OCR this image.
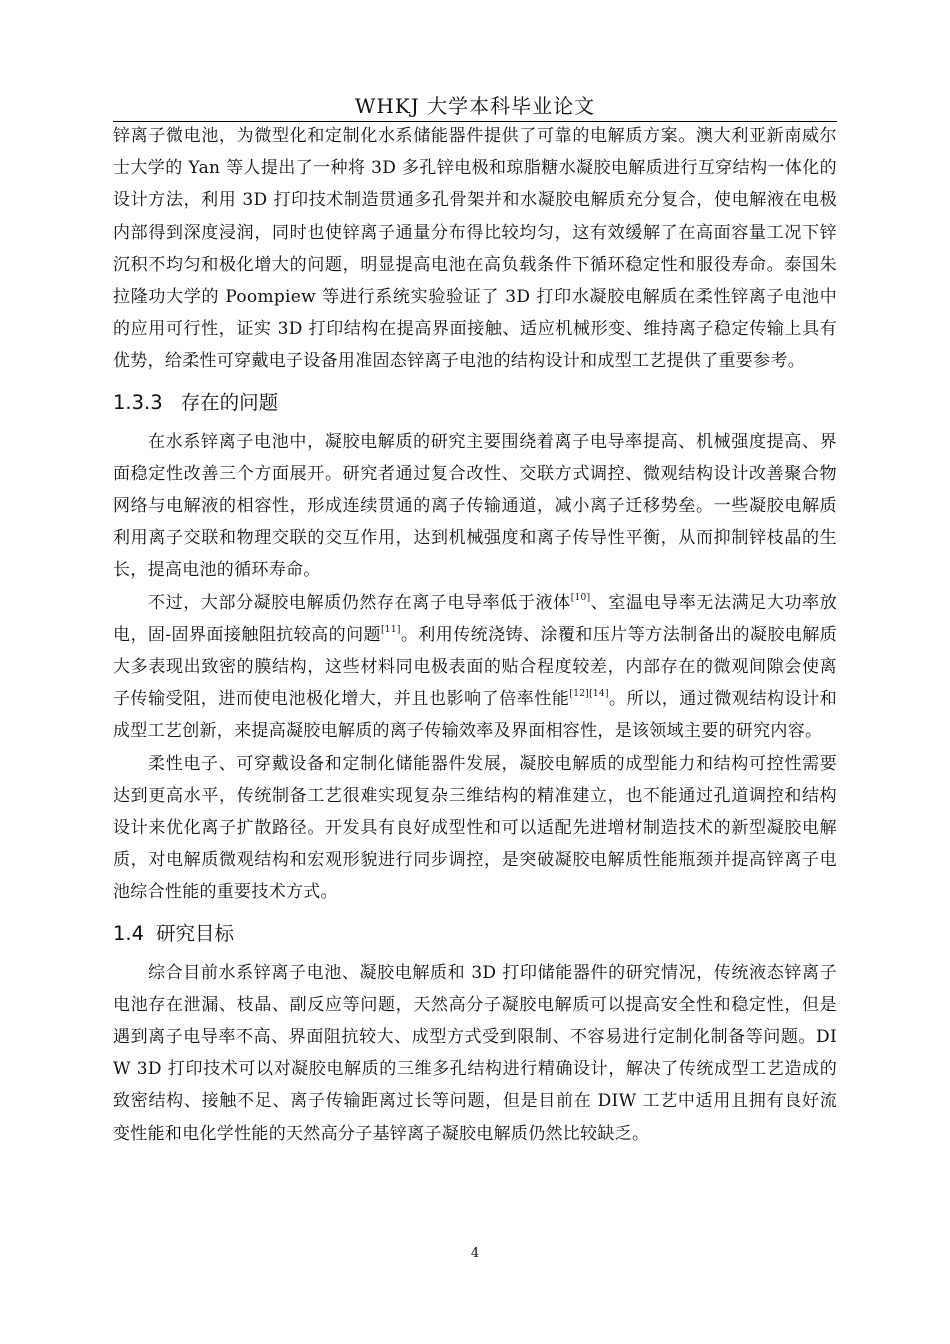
WHKJ 大学本科毕业论文

锌离子微电池，为微型化和定制化水系储能器件提供了可靠的电解质方案。澳大利亚新南威尔士大学的 Yan 等人提出了一种将 3D 多孔锌电极和琼脂糖水凝胶电解质进行互穿结构一体化的设计方法，利用 3D 打印技术制造贯通多孔骨架并和水凝胶电解质充分复合，使电解液在电极内部得到深度浸润，同时也使锌离子通量分布得比较均匀，这有效缓解了在高面容量工况下锌沉积不均匀和极化增大的问题，明显提高电池在高负载条件下循环稳定性和服役寿命。泰国朱拉隆功大学的 Poompiew 等进行系统实验验证了 3D 打印水凝胶电解质在柔性锌离子电池中的应用可行性，证实 3D 打印结构在提高界面接触、适应机械形变、维持离子稳定传输上具有优势，给柔性可穿戴电子设备用准固态锌离子电池的结构设计和成型工艺提供了重要参考。

1.3.3 存在的问题

在水系锌离子电池中，凝胶电解质的研究主要围绕着离子电导率提高、机械强度提高、界面稳定性改善三个方面展开。研究者通过复合改性、交联方式调控、微观结构设计改善聚合物网络与电解液的相容性，形成连续贯通的离子传输通道，减小离子迁移势垒。一些凝胶电解质利用离子交联和物理交联的交互作用，达到机械强度和离子传导性平衡，从而抑制锌枝晶的生长，提高电池的循环寿命。

不过，大部分凝胶电解质仍然存在离子电导率低于液体[10]、室温电导率无法满足大功率放电，固-固界面接触阻抗较高的问题[11]。利用传统浇铸、涂覆和压片等方法制备出的凝胶电解质大多表现出致密的膜结构，这些材料同电极表面的贴合程度较差，内部存在的微观间隙会使离子传输受阻，进而使电池极化增大，并且也影响了倍率性能[12][14]。所以，通过微观结构设计和成型工艺创新，来提高凝胶电解质的离子传输效率及界面相容性，是该领域主要的研究内容。

柔性电子、可穿戴设备和定制化储能器件发展，凝胶电解质的成型能力和结构可控性需要达到更高水平，传统制备工艺很难实现复杂三维结构的精准建立，也不能通过孔道调控和结构设计来优化离子扩散路径。开发具有良好成型性和可以适配先进增材制造技术的新型凝胶电解质，对电解质微观结构和宏观形貌进行同步调控，是突破凝胶电解质性能瓶颈并提高锌离子电池综合性能的重要技术方式。

1.4 研究目标

综合目前水系锌离子电池、凝胶电解质和 3D 打印储能器件的研究情况，传统液态锌离子电池存在泄漏、枝晶、副反应等问题，天然高分子凝胶电解质可以提高安全性和稳定性，但是遇到离子电导率不高、界面阻抗较大、成型方式受到限制、不容易进行定制化制备等问题。DIW 3D 打印技术可以对凝胶电解质的三维多孔结构进行精确设计，解决了传统成型工艺造成的致密结构、接触不足、离子传输距离过长等问题，但是目前在 DIW 工艺中适用且拥有良好流变性能和电化学性能的天然高分子基锌离子凝胶电解质仍然比较缺乏。

4
